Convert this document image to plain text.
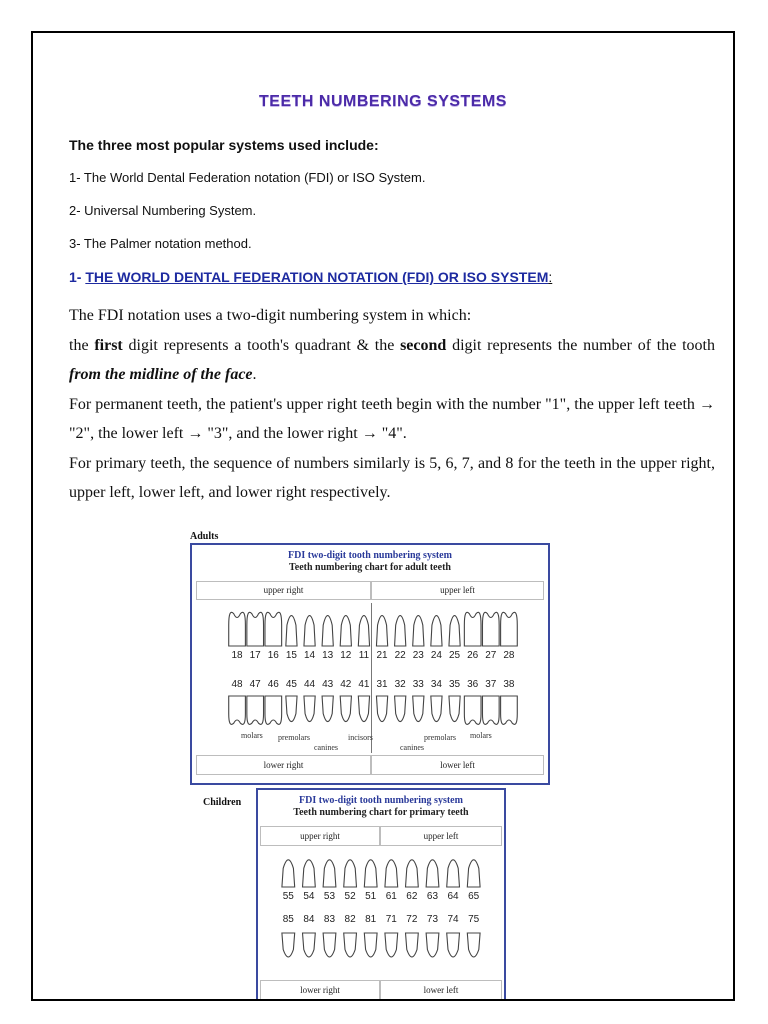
TEETH NUMBERING SYSTEMS
The three most popular systems used include:
1- The World Dental Federation notation (FDI) or ISO System.
2- Universal Numbering System.
3- The Palmer notation method.
1- THE WORLD DENTAL FEDERATION NOTATION (FDI) OR ISO SYSTEM:

The FDI notation uses a two-digit numbering system in which:

the first digit represents a tooth's quadrant & the second digit represents the number of the tooth from the midline of the face.

For permanent teeth, the patient's upper right teeth begin with the number "1", the upper left teeth → "2", the lower left → "3", and the lower right → "4".

For primary teeth, the sequence of numbers similarly is 5, 6, 7, and 8 for the teeth in the upper right, upper left, lower left, and lower right respectively.

Adults
FDI two-digit tooth numbering system
Teeth numbering chart for adult teeth
upper right	upper left
18 17 16 15 14 13 12 11 21 22 23 24 25 26 27 28
48 47 46 45 44 43 42 41 31 32 33 34 35 36 37 38
molars premolars
canines
incisors
canines
premolars molars
lower right	lower left
Children	FDI two-digit tooth numbering system
Teeth numbering chart for primary teeth
upper right	upper left
55 54 53 52 51 61 62 63 64 65
85 84 83 82 81 71 72 73 74 75
lower right	lower left
